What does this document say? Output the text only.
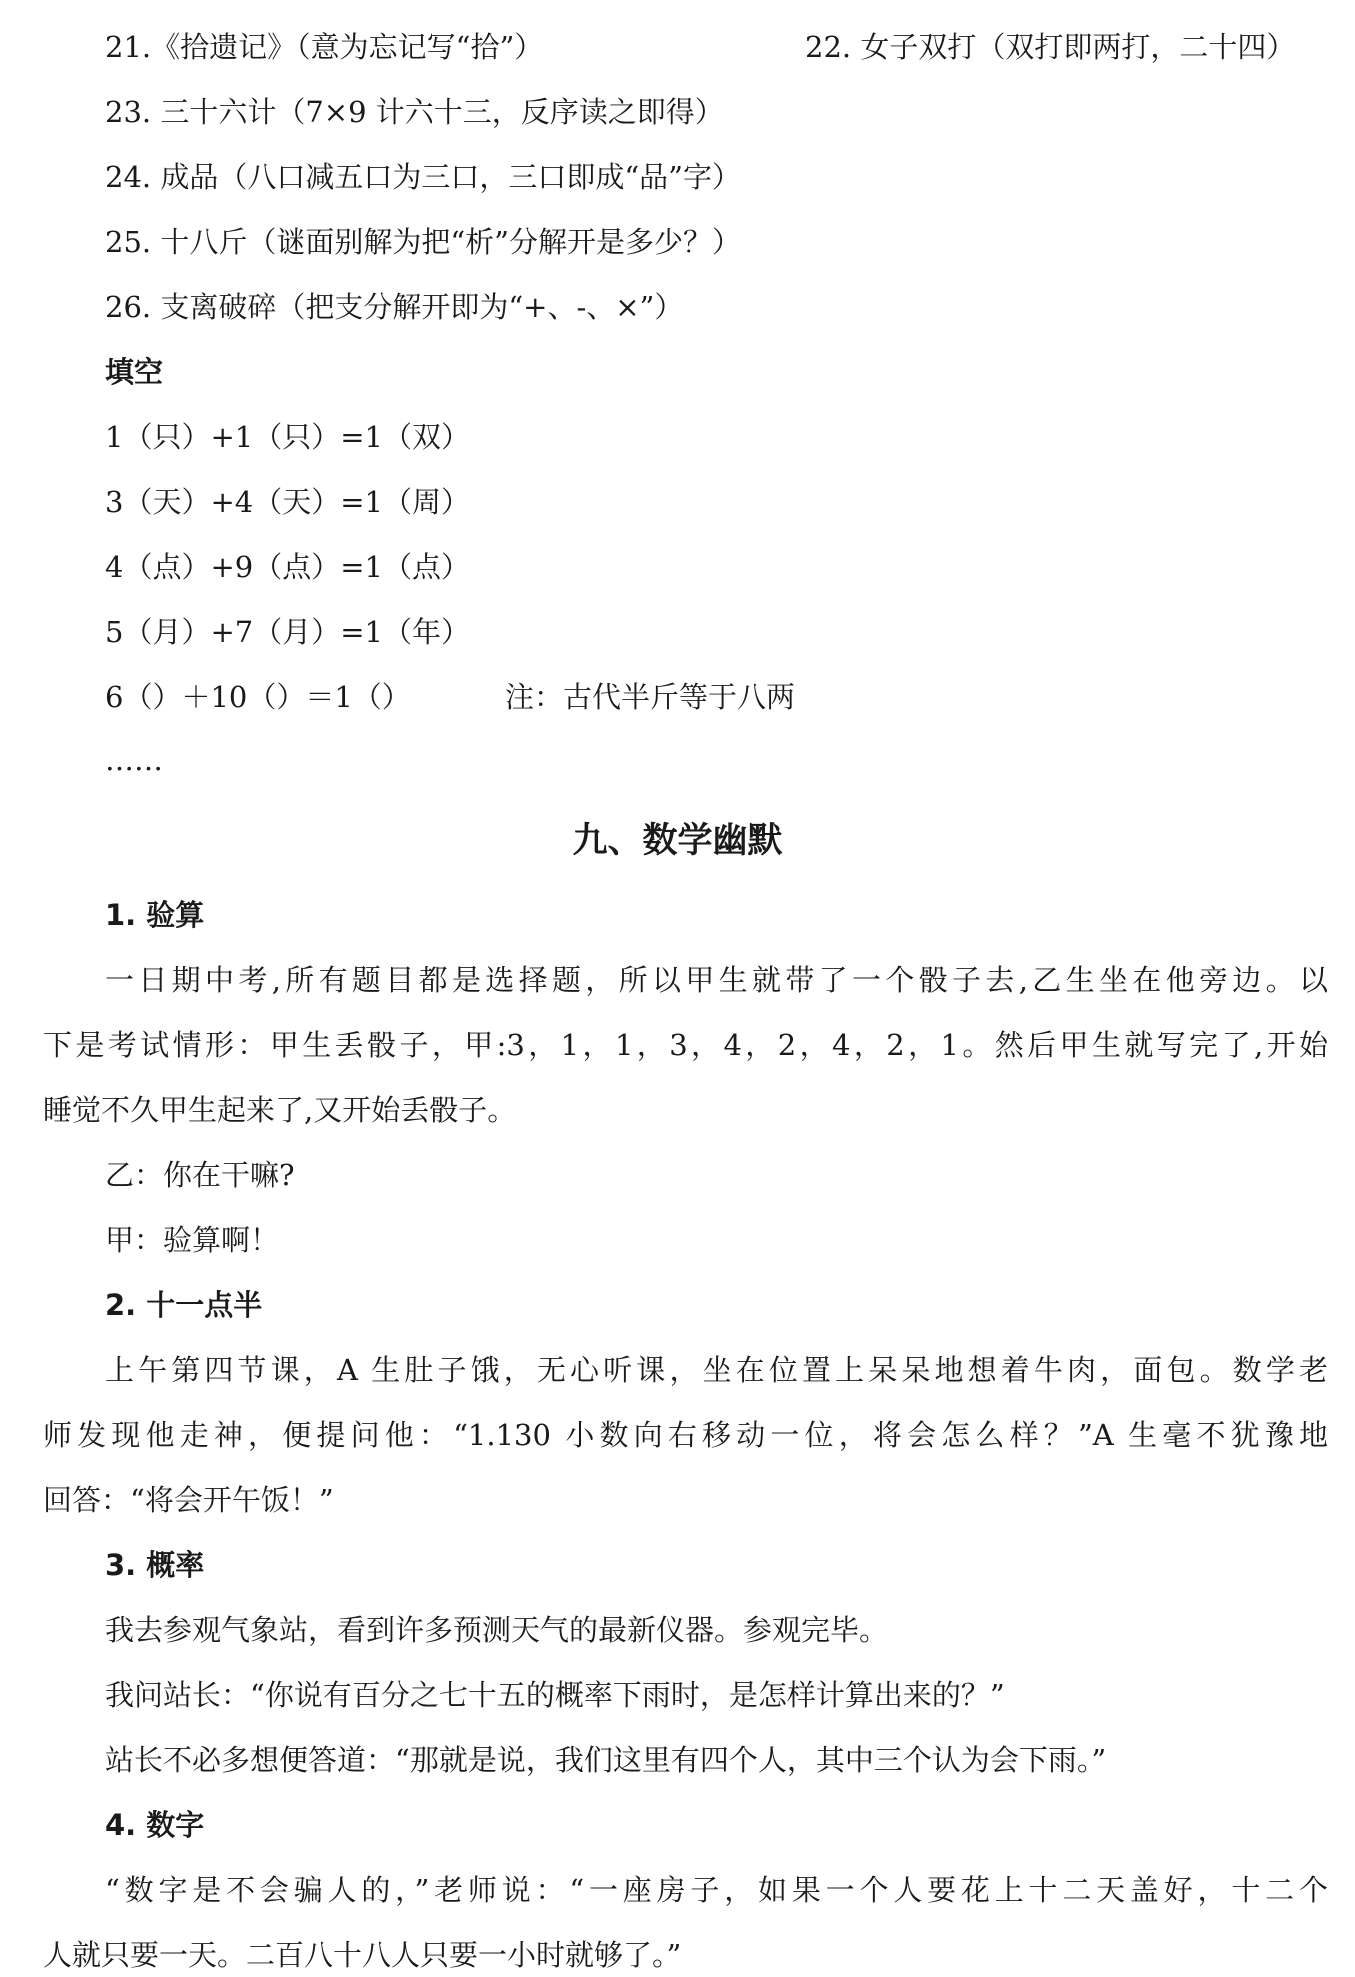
21.《拾遗记》（意为忘记写“拾”）	22. 女子双打（双打即两打，二十四）
23. 三十六计（7×9 计六十三，反序读之即得）
24. 成品（八口减五口为三口，三口即成“品”字）
25. 十八斤（谜面别解为把“析”分解开是多少？）
26. 支离破碎（把支分解开即为“+、-、×”）
填空
1（只）+1（只）=1（双）
3（天）+4（天）=1（周）
4（点）+9（点）=1（点）
5（月）+7（月）=1（年）
6（）＋10（）＝1（）	注：古代半斤等于八两
……
九、数学幽默
1. 验算
一日期中考,所有题目都是选择题，所以甲生就带了一个骰子去,乙生坐在他旁边。以
下是考试情形：甲生丢骰子，甲:3，1，1，3，4，2，4，2，1。然后甲生就写完了,开始
睡觉不久甲生起来了,又开始丢骰子。
乙：你在干嘛?
甲：验算啊！
2. 十一点半
上午第四节课，A 生肚子饿，无心听课，坐在位置上呆呆地想着牛肉，面包。数学老
师发现他走神，便提问他：“1.130 小数向右移动一位，将会怎么样？”A 生毫不犹豫地
回答：“将会开午饭！”
3. 概率
我去参观气象站，看到许多预测天气的最新仪器。参观完毕。
我问站长：“你说有百分之七十五的概率下雨时，是怎样计算出来的？”
站长不必多想便答道：“那就是说，我们这里有四个人，其中三个认为会下雨。”
4. 数字
“数字是不会骗人的，”老师说：“一座房子，如果一个人要花上十二天盖好，十二个
人就只要一天。二百八十八人只要一小时就够了。”
